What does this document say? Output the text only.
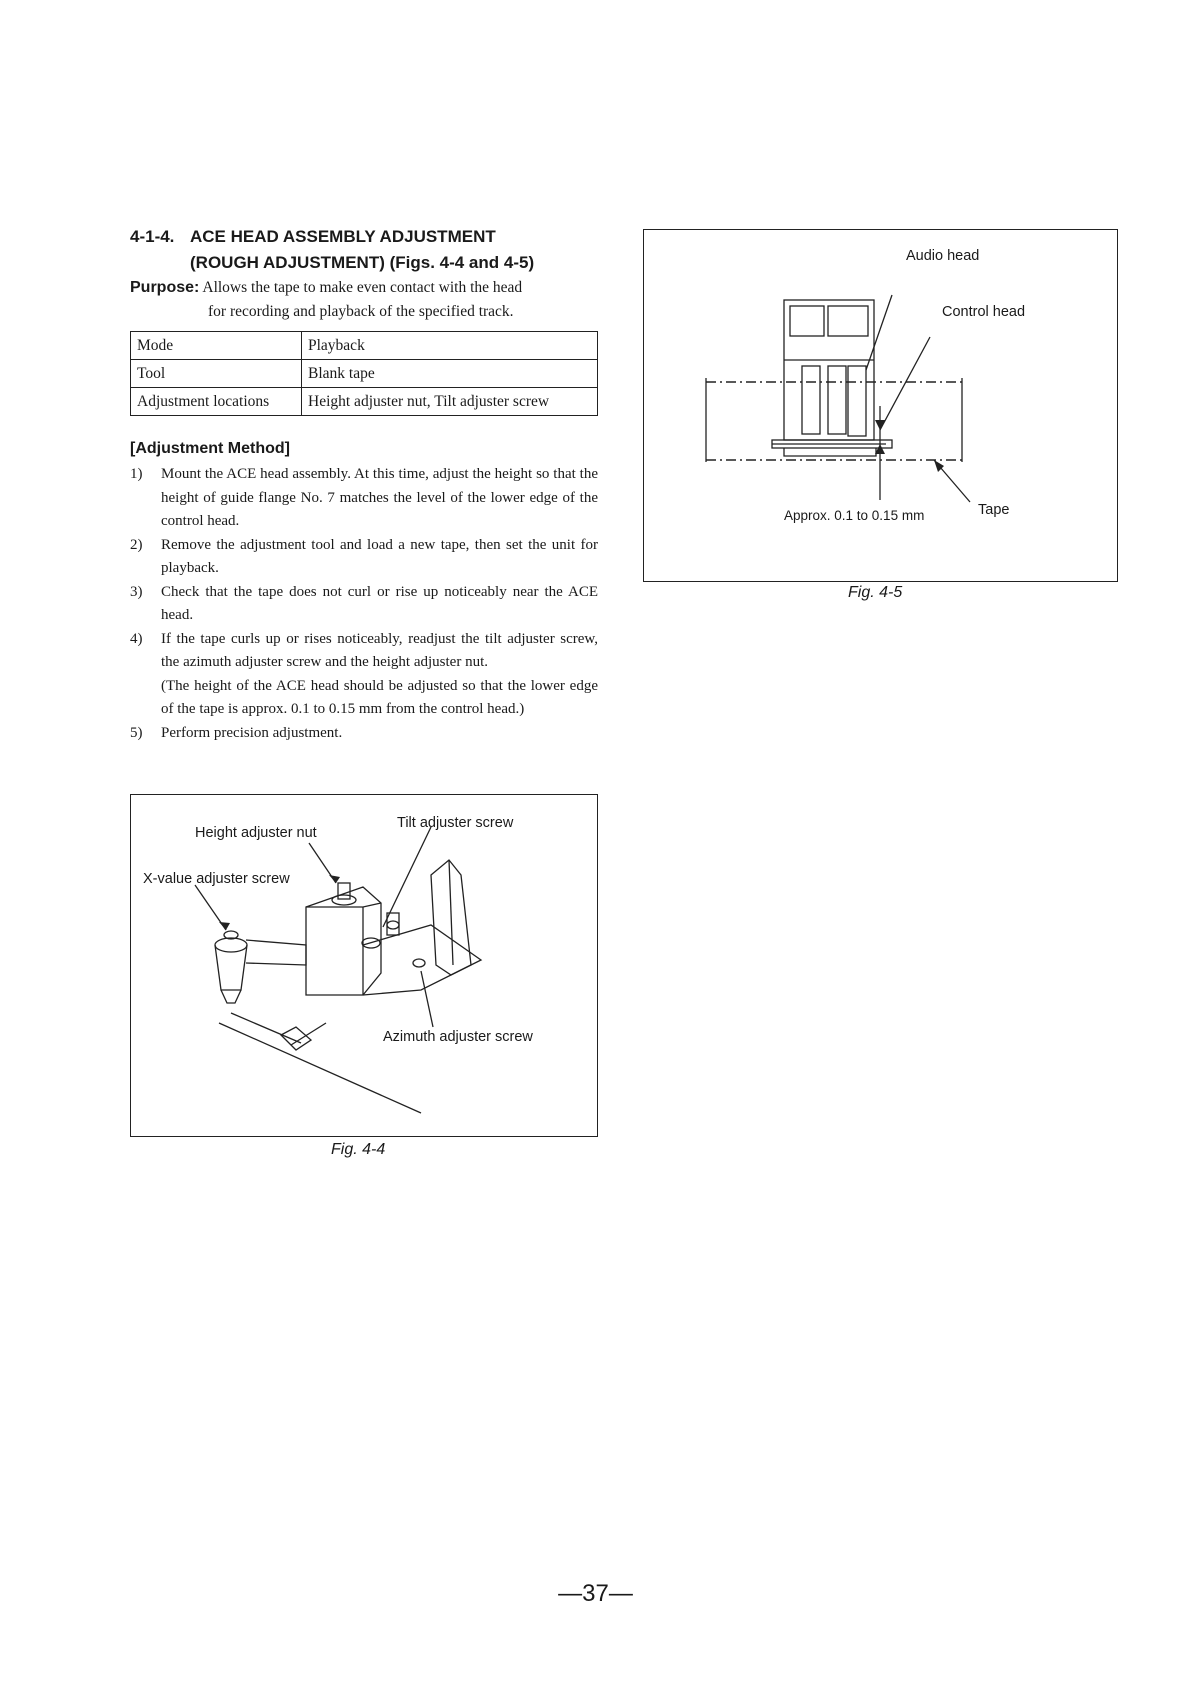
4-1-4. ACE HEAD ASSEMBLY ADJUSTMENT
(ROUGH ADJUSTMENT) (Figs. 4-4 and 4-5)
Purpose: Allows the tape to make even contact with the head
for recording and playback of the specified track.
Mode	Playback
Tool	Blank tape
Adjustment locations	Height adjuster nut, Tilt adjuster screw
[Adjustment Method]
1) Mount the ACE head assembly. At this time, adjust the height so that the height of guide flange No. 7 matches the level of the lower edge of the control head.
2) Remove the adjustment tool and load a new tape, then set the unit for playback.
3) Check that the tape does not curl or rise up noticeably near the ACE head.
4) If the tape curls up or rises noticeably, readjust the tilt adjuster screw, the azimuth adjuster screw and the height adjuster nut.
(The height of the ACE head should be adjusted so that the lower edge of the tape is approx. 0.1 to 0.15 mm from the control head.)
5) Perform precision adjustment.
Height adjuster nut
Tilt adjuster screw
X-value adjuster screw
Azimuth adjuster screw
Fig. 4-4
Audio head
Control head
Approx. 0.1 to 0.15 mm	Tape
Fig. 4-5
—37—
